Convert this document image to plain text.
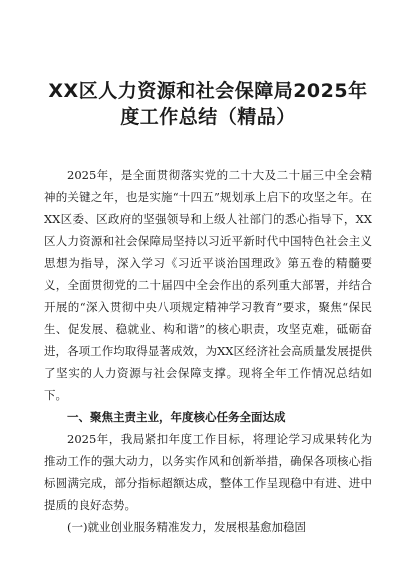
XX区人力资源和社会保障局2025年度工作总结（精品）

2025年，是全面贯彻落实党的二十大及二十届三中全会精神的关键之年，也是实施“十四五”规划承上启下的攻坚之年。在XX区委、区政府的坚强领导和上级人社部门的悉心指导下，XX区人力资源和社会保障局坚持以习近平新时代中国特色社会主义思想为指导，深入学习《习近平谈治国理政》第五卷的精髓要义，全面贯彻党的二十届四中全会作出的系列重大部署，并结合开展的“深入贯彻中央八项规定精神学习教育”要求，聚焦“保民生、促发展、稳就业、构和谐”的核心职责，攻坚克难，砥砺奋进，各项工作均取得显著成效，为XX区经济社会高质量发展提供了坚实的人力资源与社会保障支撑。现将全年工作情况总结如下。

一、聚焦主责主业，年度核心任务全面达成

2025年，我局紧扣年度工作目标，将理论学习成果转化为推动工作的强大动力，以务实作风和创新举措，确保各项核心指标圆满完成，部分指标超额达成，整体工作呈现稳中有进、进中提质的良好态势。

(一)就业创业服务精准发力，发展根基愈加稳固
